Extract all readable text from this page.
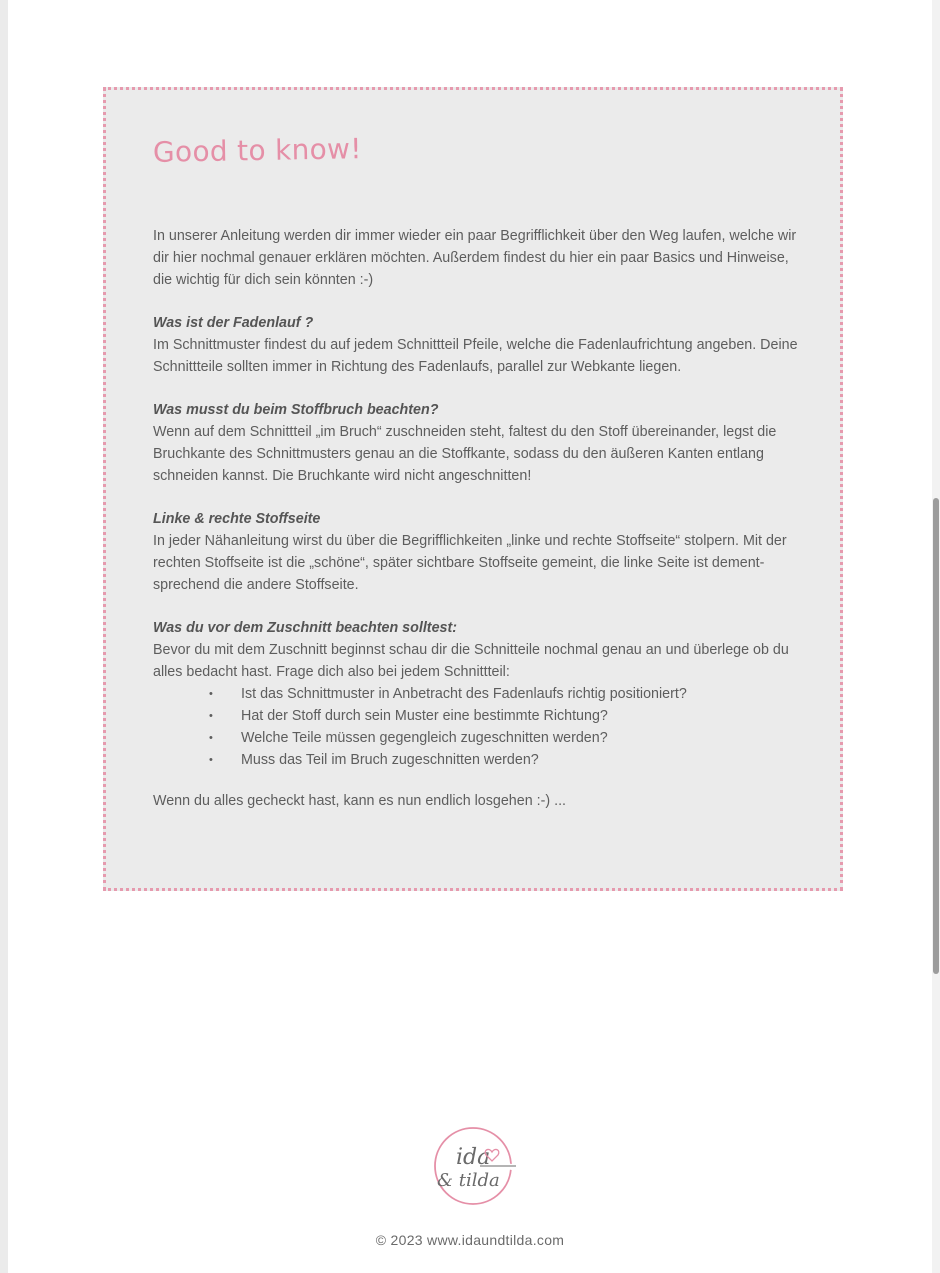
Good to know!

In unserer Anleitung werden dir immer wieder ein paar Begrifflichkeit über den Weg laufen, welche wir dir hier nochmal genauer erklären möchten. Außerdem findest du hier ein paar Basics und Hinweise, die wichtig für dich sein könnten :-)

Was ist der Fadenlauf ?

Im Schnittmuster findest du auf jedem Schnittteil Pfeile, welche die Fadenlaufrichtung angeben. Deine Schnittteile sollten immer in Richtung des Fadenlaufs, parallel zur Webkante liegen.

Was musst du beim Stoffbruch beachten?

Wenn auf dem Schnittteil „im Bruch“ zuschneiden steht, faltest du den Stoff übereinander, legst die Bruchkante des Schnittmusters genau an die Stoffkante, sodass du den äußeren Kanten entlang schneiden kannst. Die Bruchkante wird nicht angeschnitten!

Linke & rechte Stoffseite

In jeder Nähanleitung wirst du über die Begrifflichkeiten „linke und rechte Stoffseite“ stolpern. Mit der rechten Stoffseite ist die „schöne“, später sichtbare Stoffseite gemeint, die linke Seite ist dement-sprechend die andere Stoffseite.

Was du vor dem Zuschnitt beachten solltest:

Bevor du mit dem Zuschnitt beginnst schau dir die Schnitteile nochmal genau an und überlege ob du alles bedacht hast. Frage dich also bei jedem Schnittteil:

• Ist das Schnittmuster in Anbetracht des Fadenlaufs richtig positioniert?
• Hat der Stoff durch sein Muster eine bestimmte Richtung?
• Welche Teile müssen gegengleich zugeschnitten werden?
• Muss das Teil im Bruch zugeschnitten werden?

Wenn du alles gecheckt hast, kann es nun endlich losgehen :-) ...

ida
& tilda
© 2023 www.idaundtilda.com
